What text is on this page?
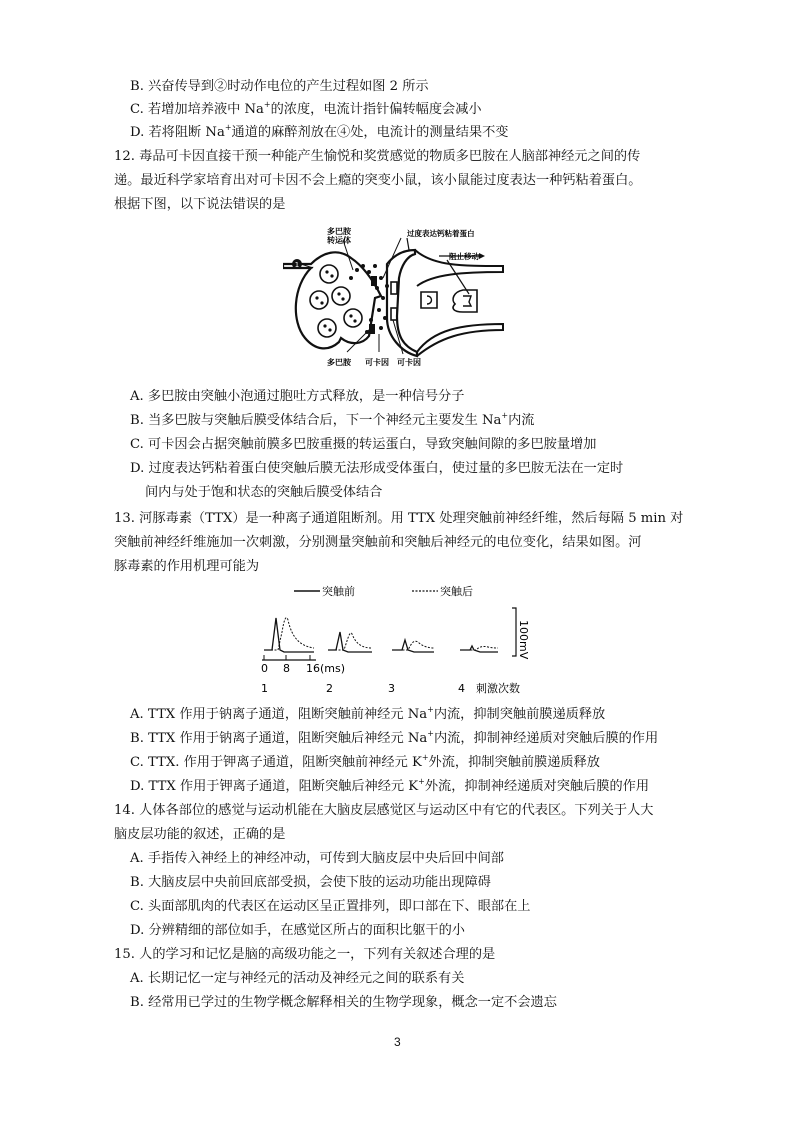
B. 兴奋传导到②时动作电位的产生过程如图 2 所示
C. 若增加培养液中 Na+的浓度，电流计指针偏转幅度会减小
D. 若将阻断 Na+通道的麻醉剂放在④处，电流计的测量结果不变
12. 毒品可卡因直接干预一种能产生愉悦和奖赏感觉的物质多巴胺在人脑部神经元之间的传
递。最近科学家培育出对可卡因不会上瘾的突变小鼠，该小鼠能过度表达一种钙粘着蛋白。
根据下图，以下说法错误的是
1
多巴胺
转运体
过度表达钙粘着蛋白
阻止移动
多巴胺 可卡因 可卡因
A. 多巴胺由突触小泡通过胞吐方式释放，是一种信号分子
B. 当多巴胺与突触后膜受体结合后，下一个神经元主要发生 Na+内流
C. 可卡因会占据突触前膜多巴胺重摄的转运蛋白，导致突触间隙的多巴胺量增加
D. 过度表达钙粘着蛋白使突触后膜无法形成受体蛋白，使过量的多巴胺无法在一定时
间内与处于饱和状态的突触后膜受体结合
13. 河豚毒素（TTX）是一种离子通道阻断剂。用 TTX 处理突触前神经纤维，然后每隔 5 min 对
突触前神经纤维施加一次刺激，分别测量突触前和突触后神经元的电位变化，结果如图。河
豚毒素的作用机理可能为
突触前	突触后
100mV
0 8 16(ms)
1	2	3	4 刺激次数
A. TTX 作用于钠离子通道，阻断突触前神经元 Na+内流，抑制突触前膜递质释放
B. TTX 作用于钠离子通道，阻断突触后神经元 Na+内流，抑制神经递质对突触后膜的作用
C. TTX. 作用于钾离子通道，阻断突触前神经元 K+外流，抑制突触前膜递质释放
D. TTX 作用于钾离子通道，阻断突触后神经元 K+外流，抑制神经递质对突触后膜的作用
14. 人体各部位的感觉与运动机能在大脑皮层感觉区与运动区中有它的代表区。下列关于人大
脑皮层功能的叙述，正确的是
A. 手指传入神经上的神经冲动，可传到大脑皮层中央后回中间部
B. 大脑皮层中央前回底部受损，会使下肢的运动功能出现障碍
C. 头面部肌肉的代表区在运动区呈正置排列，即口部在下、眼部在上
D. 分辨精细的部位如手，在感觉区所占的面积比躯干的小
15. 人的学习和记忆是脑的高级功能之一，下列有关叙述合理的是
A. 长期记忆一定与神经元的活动及神经元之间的联系有关
B. 经常用已学过的生物学概念解释相关的生物学现象，概念一定不会遗忘
3
